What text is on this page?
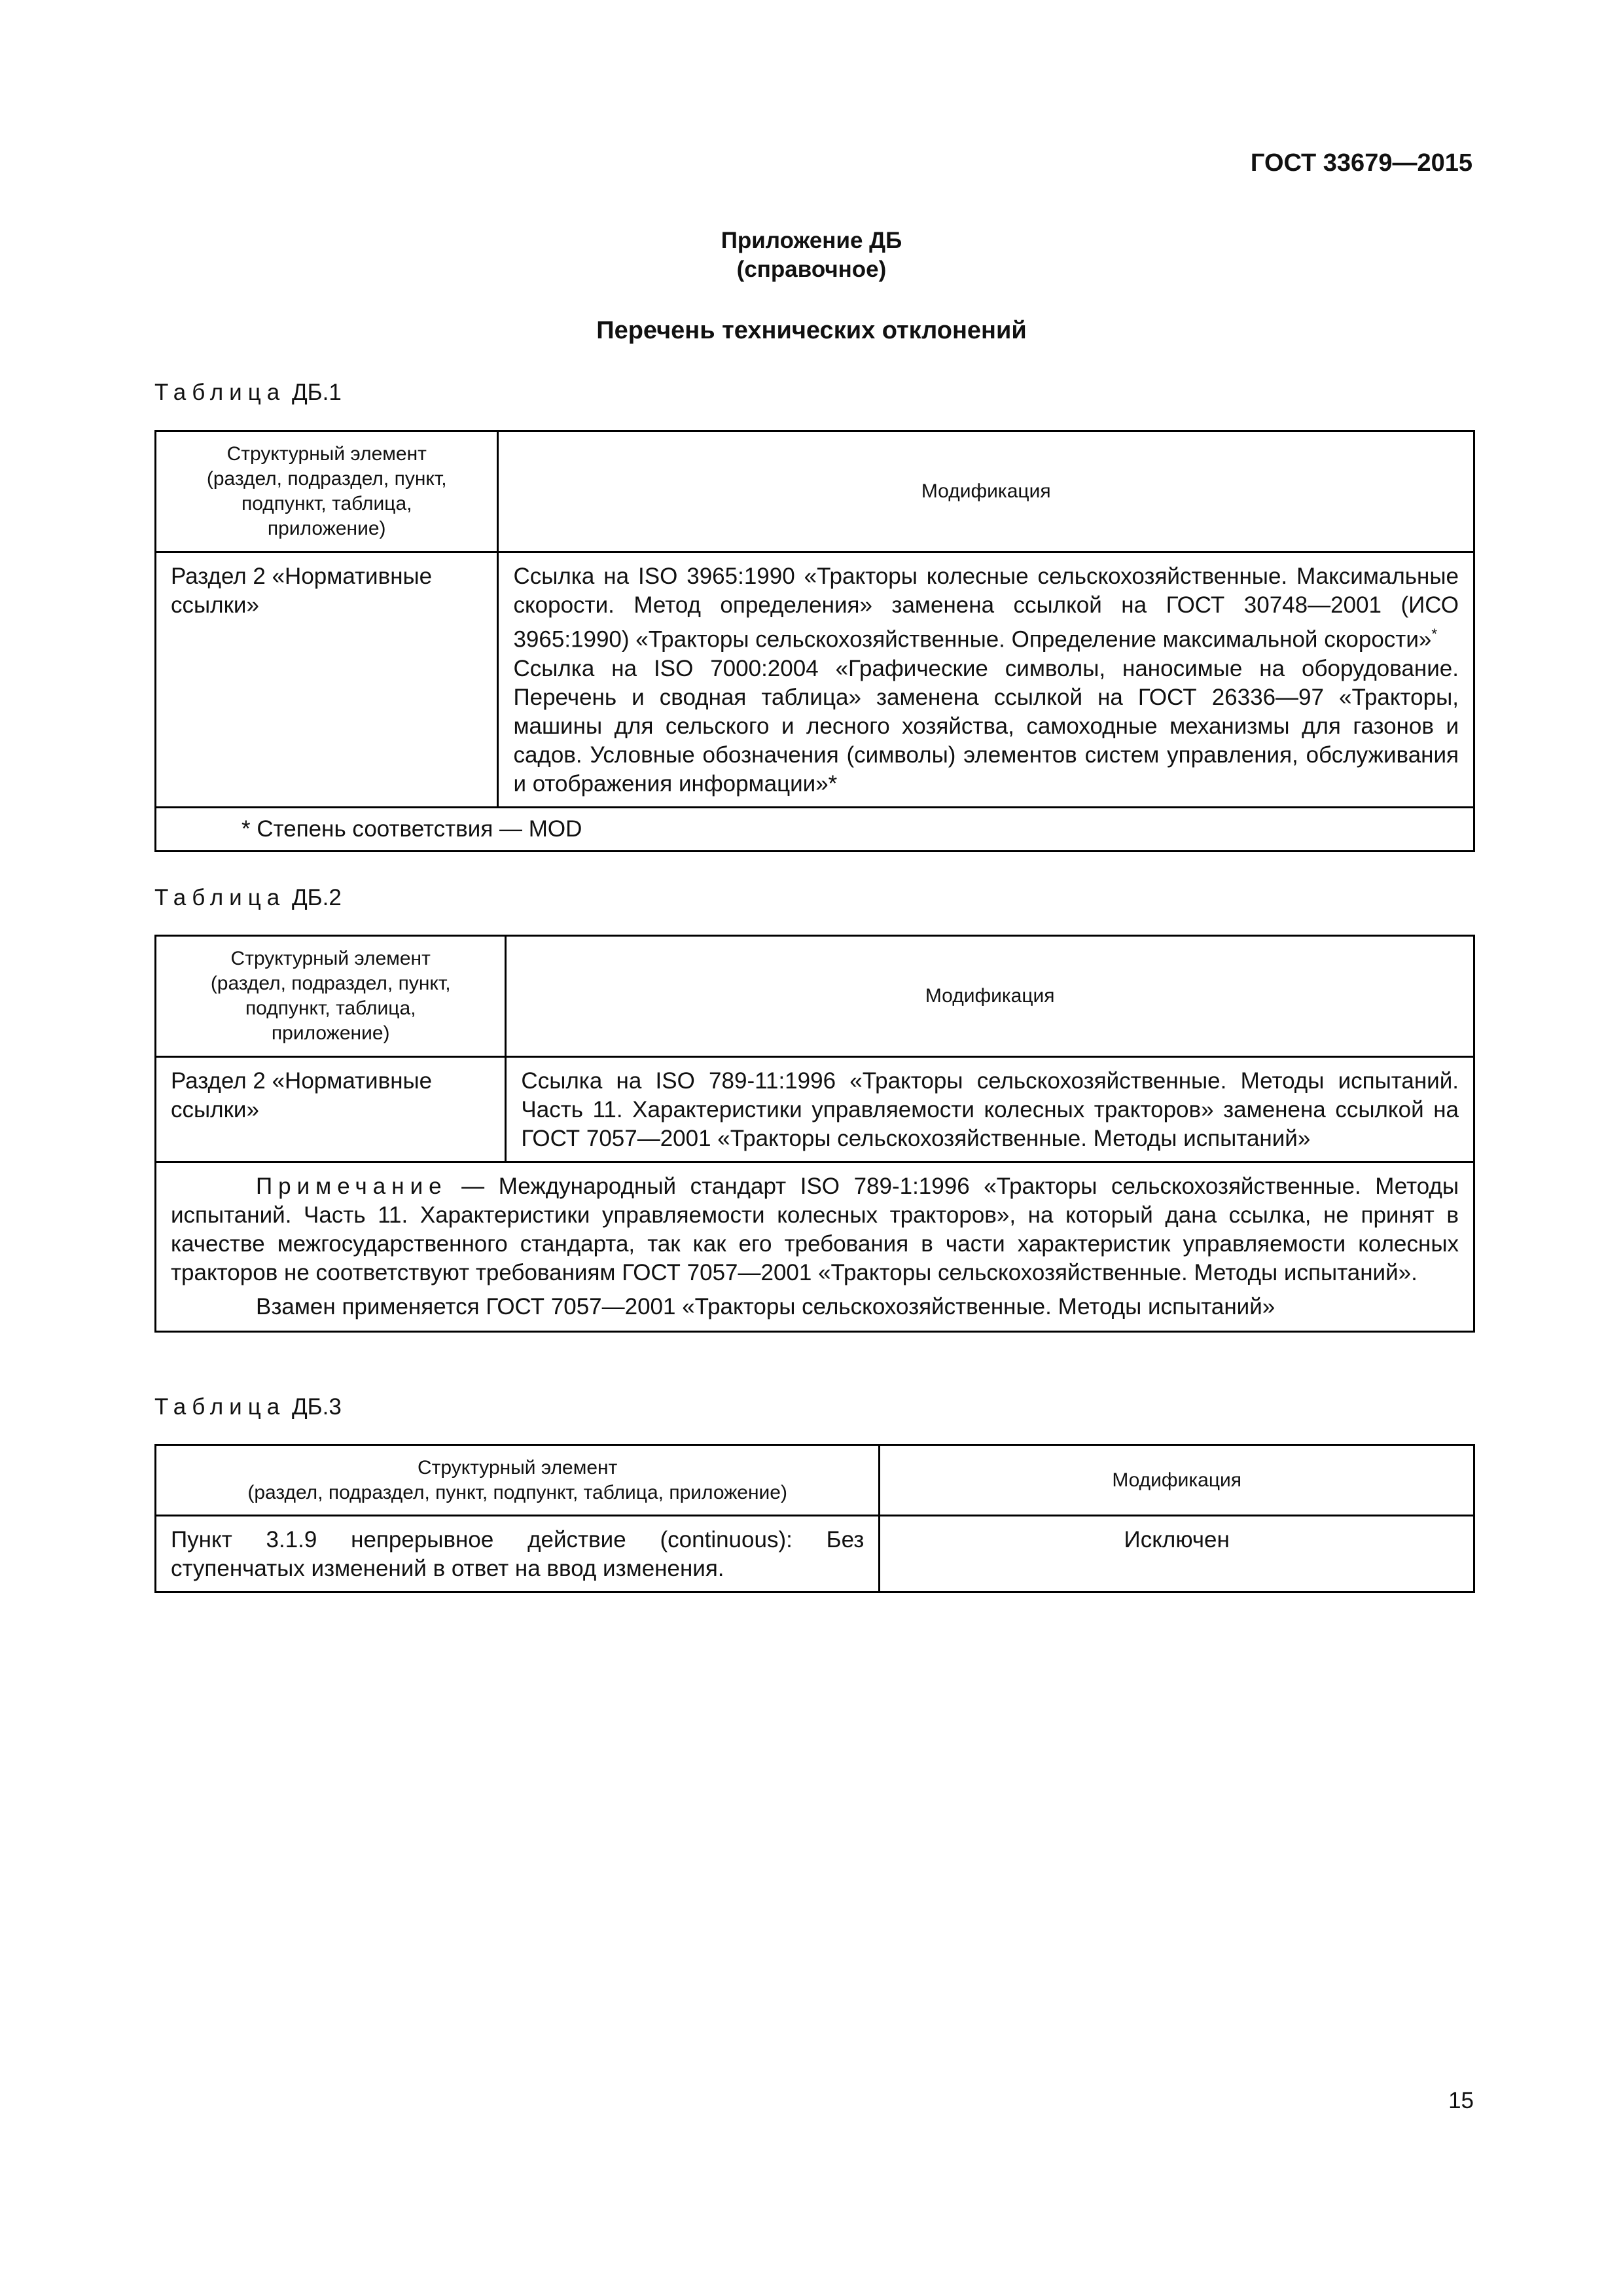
ГОСТ 33679—2015
Приложение ДБ
(справочное)
Перечень технических отклонений
Таблица ДБ.1
Структурный элемент (раздел, подраздел, пункт, подпункт, таблица, приложение)	Модификация
Раздел 2 «Нормативные ссылки»	Ссылка на ISO 3965:1990 «Тракторы колесные сельскохозяйственные. Максимальные скорости. Метод определения» заменена ссылкой на ГОСТ 30748—2001 (ИСО 3965:1990) «Тракторы сельскохозяйственные. Определение максимальной скорости»*

Ссылка на ISO 7000:2004 «Графические символы, наносимые на оборудование. Перечень и сводная таблица» заменена ссылкой на ГОСТ 26336—97 «Тракторы, машины для сельского и лесного хозяйства, самоходные механизмы для газонов и садов. Условные обозначения (символы) элементов систем управления, обслуживания и отображения информации»*

* Степень соответствия — MOD	
Таблица ДБ.2
Структурный элемент (раздел, подраздел, пункт, подпункт, таблица, приложение)	Модификация
Раздел 2 «Нормативные ссылки»	Ссылка на ISO 789-11:1996 «Тракторы сельскохозяйственные. Методы испытаний. Часть 11. Характеристики управляемости колесных тракторов» заменена ссылкой на ГОСТ 7057—2001 «Тракторы сельскохозяйственные. Методы испытаний»

Примечание — Международный стандарт ISO 789-1:1996 «Тракторы сельскохозяйственные. Методы испытаний. Часть 11. Характеристики управляемости колесных тракторов», на который дана ссылка, не принят в качестве межгосударственного стандарта, так как его требования в части характеристик управляемости колесных тракторов не соответствуют требованиям ГОСТ 7057—2001 «Тракторы сельскохозяйственные. Методы испытаний».

Взамен применяется ГОСТ 7057—2001 «Тракторы сельскохозяйственные. Методы испытаний»	

Таблица ДБ.3
Структурный элемент
(раздел, подраздел, пункт, подпункт, таблица, приложение)	Модификация
Пункт 3.1.9 непрерывное действие (continuous): Без ступенчатых изменений в ответ на ввод изменения.	Исключен
15
